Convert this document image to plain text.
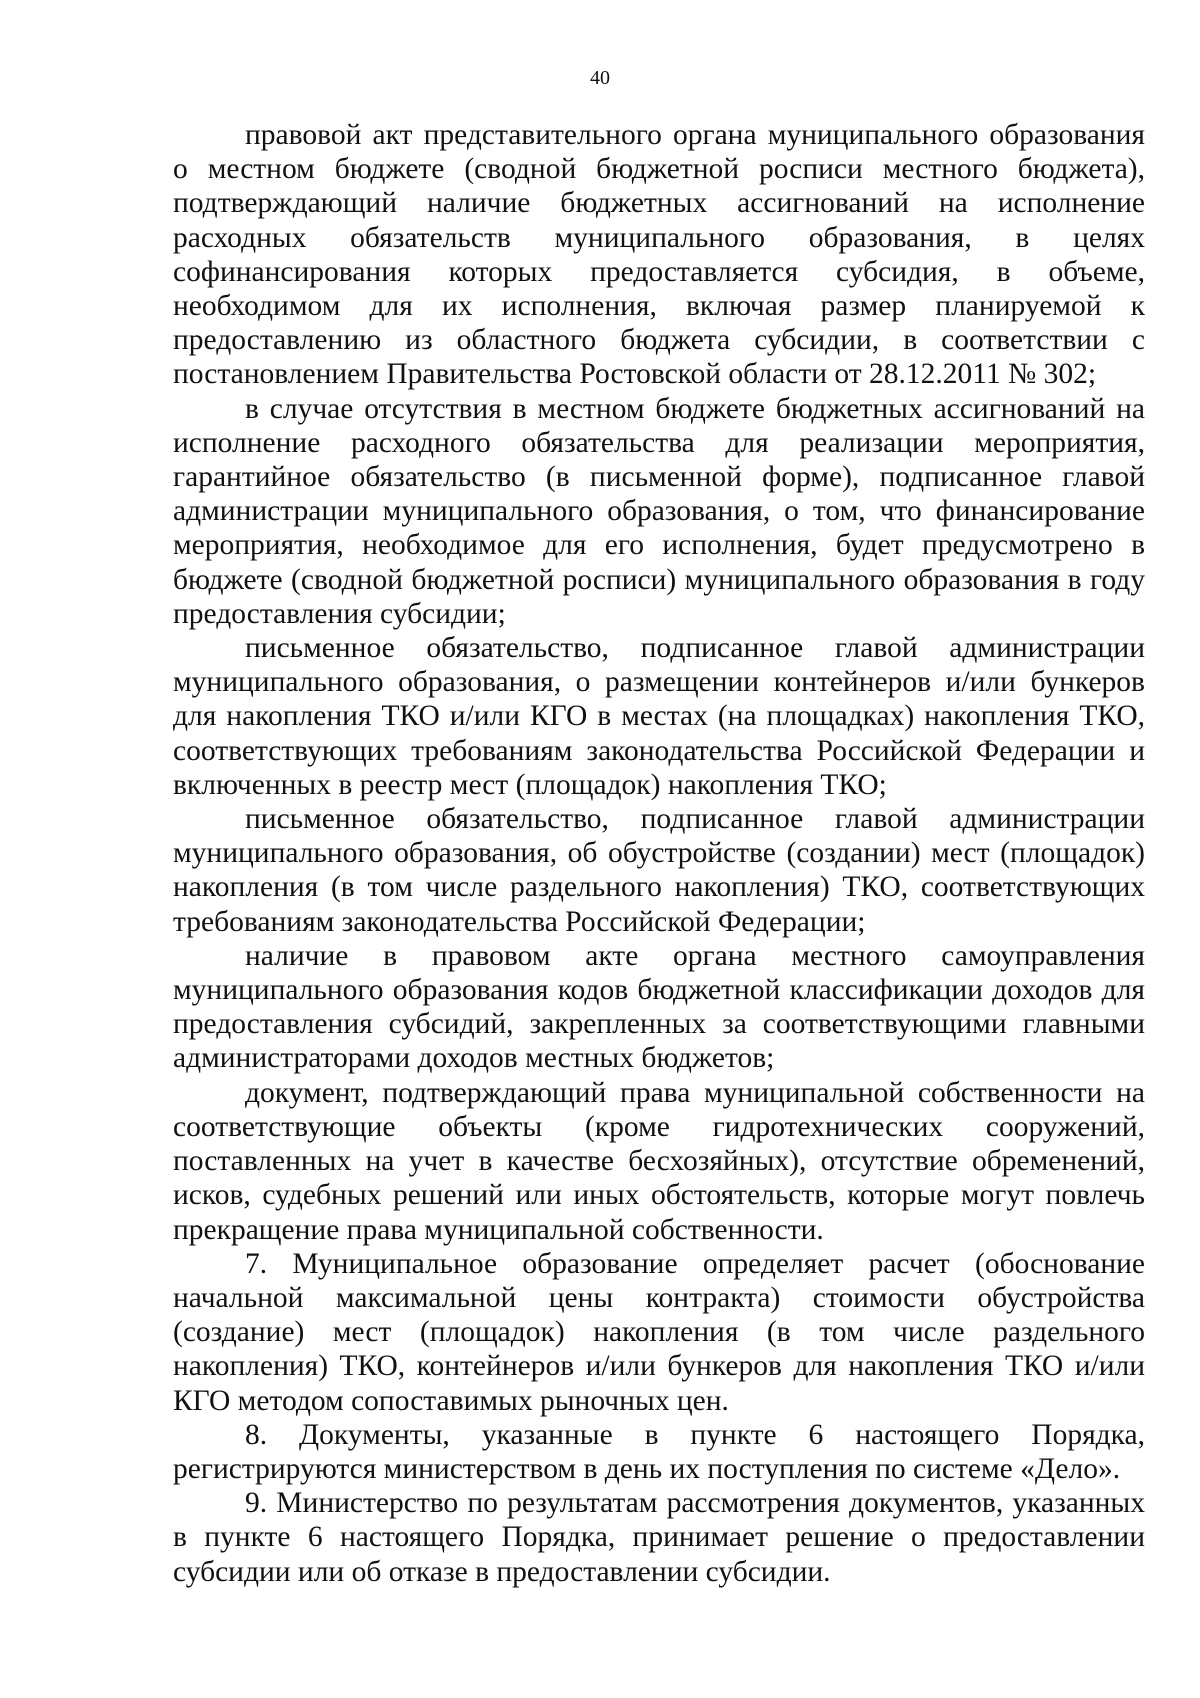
40

правовой акт представительного органа муниципального образования о местном бюджете (сводной бюджетной росписи местного бюджета), подтверждающий наличие бюджетных ассигнований на исполнение расходных обязательств муниципального образования, в целях софинансирования которых предоставляется субсидия, в объеме, необходимом для их исполнения, включая размер планируемой к предоставлению из областного бюджета субсидии, в соответствии с постановлением Правительства Ростовской области от 28.12.2011 № 302;

в случае отсутствия в местном бюджете бюджетных ассигнований на исполнение расходного обязательства для реализации мероприятия, гарантийное обязательство (в письменной форме), подписанное главой администрации муниципального образования, о том, что финансирование мероприятия, необходимое для его исполнения, будет предусмотрено в бюджете (сводной бюджетной росписи) муниципального образования в году предоставления субсидии;

письменное обязательство, подписанное главой администрации муниципального образования, о размещении контейнеров и/или бункеров для накопления ТКО и/или КГО в местах (на площадках) накопления ТКО, соответствующих требованиям законодательства Российской Федерации и включенных в реестр мест (площадок) накопления ТКО;

письменное обязательство, подписанное главой администрации муниципального образования, об обустройстве (создании) мест (площадок) накопления (в том числе раздельного накопления) ТКО, соответствующих требованиям законодательства Российской Федерации;

наличие в правовом акте органа местного самоуправления муниципального образования кодов бюджетной классификации доходов для предоставления субсидий, закрепленных за соответствующими главными администраторами доходов местных бюджетов;

документ, подтверждающий права муниципальной собственности на соответствующие объекты (кроме гидротехнических сооружений, поставленных на учет в качестве бесхозяйных), отсутствие обременений, исков, судебных решений или иных обстоятельств, которые могут повлечь прекращение права муниципальной собственности.

7. Муниципальное образование определяет расчет (обоснование начальной максимальной цены контракта) стоимости обустройства (создание) мест (площадок) накопления (в том числе раздельного накопления) ТКО, контейнеров и/или бункеров для накопления ТКО и/или КГО методом сопоставимых рыночных цен.

8. Документы, указанные в пункте 6 настоящего Порядка, регистрируются министерством в день их поступления по системе «Дело».

9. Министерство по результатам рассмотрения документов, указанных в пункте 6 настоящего Порядка, принимает решение о предоставлении субсидии или об отказе в предоставлении субсидии.
